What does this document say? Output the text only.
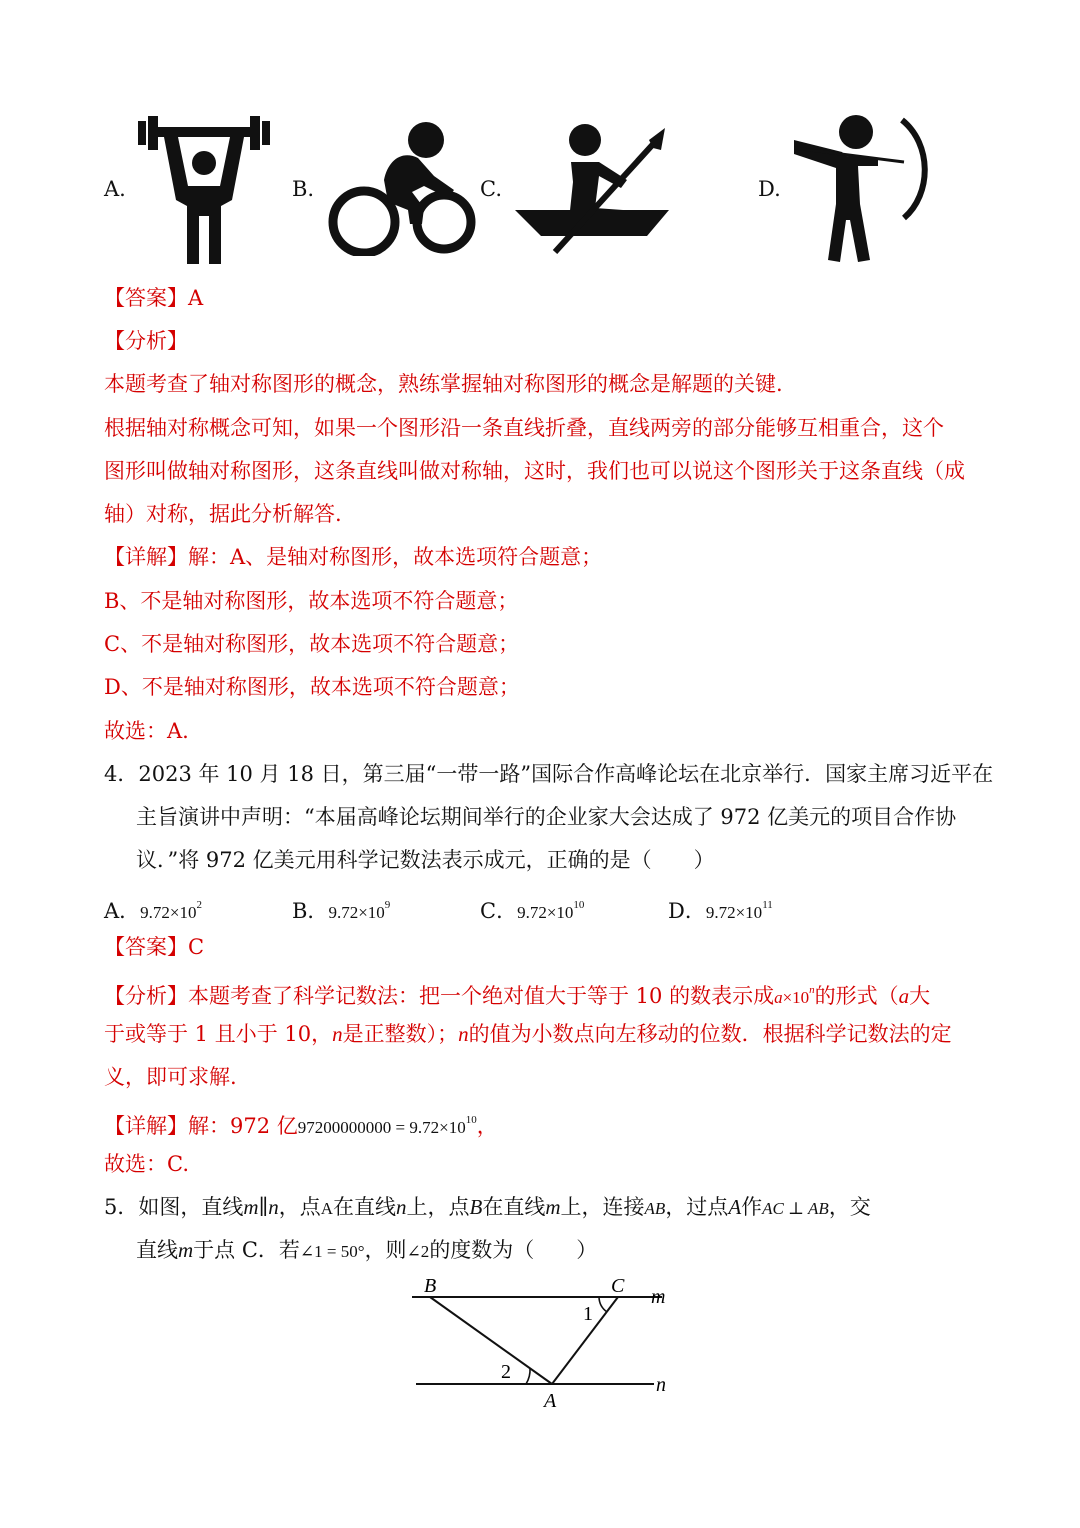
A.	B.	C.	D.
【答案】A
【分析】
本题考查了轴对称图形的概念，熟练掌握轴对称图形的概念是解题的关键.
根据轴对称概念可知，如果一个图形沿一条直线折叠，直线两旁的部分能够互相重合，这个
图形叫做轴对称图形，这条直线叫做对称轴，这时，我们也可以说这个图形关于这条直线（成
轴）对称，据此分析解答.
【详解】解：A、是轴对称图形，故本选项符合题意；
B、不是轴对称图形，故本选项不符合题意；
C、不是轴对称图形，故本选项不符合题意；
D、不是轴对称图形，故本选项不符合题意；
故选：A.
4．2023 年 10 月 18 日，第三届“一带一路”国际合作高峰论坛在北京举行．国家主席习近平在
主旨演讲中声明：“本届高峰论坛期间举行的企业家大会达成了 972 亿美元的项目合作协
议．”将 972 亿美元用科学记数法表示成元，正确的是（　　）
A．$9.72\times 10^2$	B．$9.72\times 10^9$	C．$9.72\times 10^{10}$	D．$9.72\times 10^{11}$
【答案】C
【分析】本题考查了科学记数法：把一个绝对值大于等于 10 的数表示成$a\times 10^n$的形式（a大
于或等于 1 且小于 10，n是正整数）；n的值为小数点向左移动的位数．根据科学记数法的定
义，即可求解.
【详解】解：972 亿$97200000000 = 9.72\times 10^{10}$，
故选：C.
5．如图，直线m∥n，点A在直线n上，点B在直线m上，连接AB，过点A作AC ⊥ AB，交
直线m于点 C．若∠1 = 50°，则∠2的度数为（　　）
B	C m
1
2
A
n
